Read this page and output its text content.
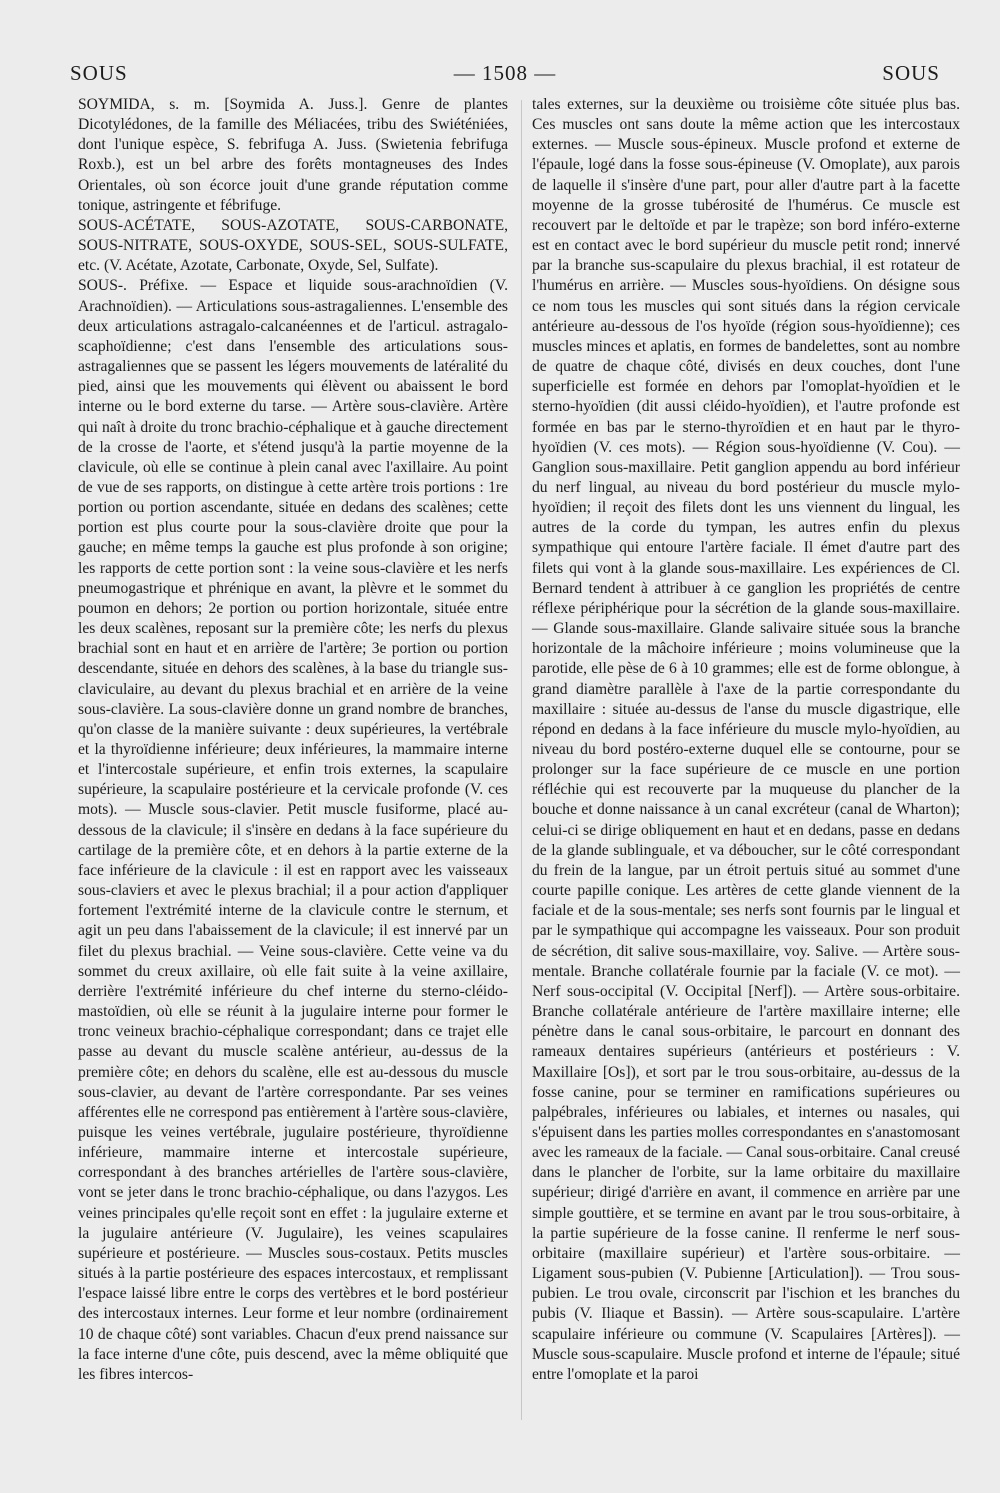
SOUS	— 1508 —	SOUS

SOYMIDA, s. m. [Soymida A. Juss.]. Genre de plantes Dicotylédones, de la famille des Méliacées, tribu des Swiéténiées, dont l'unique espèce, S. febrifuga A. Juss. (Swietenia febrifuga Roxb.), est un bel arbre des forêts montagneuses des Indes Orientales, où son écorce jouit d'une grande réputation comme tonique, astringente et fébrifuge.

SOUS-ACÉTATE, SOUS-AZOTATE, SOUS-CARBONATE, SOUS-NITRATE, SOUS-OXYDE, SOUS-SEL, SOUS-SULFATE, etc. (V. Acétate, Azotate, Carbonate, Oxyde, Sel, Sulfate).

SOUS-. Préfixe. — Espace et liquide sous-arachnoïdien (V. Arachnoïdien). — Articulations sous-astragaliennes. L'ensemble des deux articulations astragalo-calcanéennes et de l'articul. astragalo-scaphoïdienne; c'est dans l'ensemble des articulations sous-astragaliennes que se passent les légers mouvements de latéralité du pied, ainsi que les mouvements qui élèvent ou abaissent le bord interne ou le bord externe du tarse. — Artère sous-clavière. Artère qui naît à droite du tronc brachio-céphalique et à gauche directement de la crosse de l'aorte, et s'étend jusqu'à la partie moyenne de la clavicule, où elle se continue à plein canal avec l'axillaire. Au point de vue de ses rapports, on distingue à cette artère trois portions : 1re portion ou portion ascendante, située en dedans des scalènes; cette portion est plus courte pour la sous-clavière droite que pour la gauche; en même temps la gauche est plus profonde à son origine; les rapports de cette portion sont : la veine sous-clavière et les nerfs pneumogastrique et phrénique en avant, la plèvre et le sommet du poumon en dehors; 2e portion ou portion horizontale, située entre les deux scalènes, reposant sur la première côte; les nerfs du plexus brachial sont en haut et en arrière de l'artère; 3e portion ou portion descendante, située en dehors des scalènes, à la base du triangle sus-claviculaire, au devant du plexus brachial et en arrière de la veine sous-clavière. La sous-clavière donne un grand nombre de branches, qu'on classe de la manière suivante : deux supérieures, la vertébrale et la thyroïdienne inférieure; deux inférieures, la mammaire interne et l'intercostale supérieure, et enfin trois externes, la scapulaire supérieure, la scapulaire postérieure et la cervicale profonde (V. ces mots). — Muscle sous-clavier. Petit muscle fusiforme, placé au-dessous de la clavicule; il s'insère en dedans à la face supérieure du cartilage de la première côte, et en dehors à la partie externe de la face inférieure de la clavicule : il est en rapport avec les vaisseaux sous-claviers et avec le plexus brachial; il a pour action d'appliquer fortement l'extrémité interne de la clavicule contre le sternum, et agit un peu dans l'abaissement de la clavicule; il est innervé par un filet du plexus brachial. — Veine sous-clavière. Cette veine va du sommet du creux axillaire, où elle fait suite à la veine axillaire, derrière l'extrémité inférieure du chef interne du sterno-cléido-mastoïdien, où elle se réunit à la jugulaire interne pour former le tronc veineux brachio-céphalique correspondant; dans ce trajet elle passe au devant du muscle scalène antérieur, au-dessus de la première côte; en dehors du scalène, elle est au-dessous du muscle sous-clavier, au devant de l'artère correspondante. Par ses veines afférentes elle ne correspond pas entièrement à l'artère sous-clavière, puisque les veines vertébrale, jugulaire postérieure, thyroïdienne inférieure, mammaire interne et intercostale supérieure, correspondant à des branches artérielles de l'artère sous-clavière, vont se jeter dans le tronc brachio-céphalique, ou dans l'azygos. Les veines principales qu'elle reçoit sont en effet : la jugulaire externe et la jugulaire antérieure (V. Jugulaire), les veines scapulaires supérieure et postérieure. — Muscles sous-costaux. Petits muscles situés à la partie postérieure des espaces intercostaux, et remplissant l'espace laissé libre entre le corps des vertèbres et le bord postérieur des intercostaux internes. Leur forme et leur nombre (ordinairement 10 de chaque côté) sont variables. Chacun d'eux prend naissance sur la face interne d'une côte, puis descend, avec la même obliquité que les fibres intercos-

tales externes, sur la deuxième ou troisième côte située plus bas. Ces muscles ont sans doute la même action que les intercostaux externes. — Muscle sous-épineux. Muscle profond et externe de l'épaule, logé dans la fosse sous-épineuse (V. Omoplate), aux parois de laquelle il s'insère d'une part, pour aller d'autre part à la facette moyenne de la grosse tubérosité de l'humérus. Ce muscle est recouvert par le deltoïde et par le trapèze; son bord inféro-externe est en contact avec le bord supérieur du muscle petit rond; innervé par la branche sus-scapulaire du plexus brachial, il est rotateur de l'humérus en arrière. — Muscles sous-hyoïdiens. On désigne sous ce nom tous les muscles qui sont situés dans la région cervicale antérieure au-dessous de l'os hyoïde (région sous-hyoïdienne); ces muscles minces et aplatis, en formes de bandelettes, sont au nombre de quatre de chaque côté, divisés en deux couches, dont l'une superficielle est formée en dehors par l'omoplat-hyoïdien et le sterno-hyoïdien (dit aussi cléido-hyoïdien), et l'autre profonde est formée en bas par le sterno-thyroïdien et en haut par le thyro-hyoïdien (V. ces mots). — Région sous-hyoïdienne (V. Cou). — Ganglion sous-maxillaire. Petit ganglion appendu au bord inférieur du nerf lingual, au niveau du bord postérieur du muscle mylo-hyoïdien; il reçoit des filets dont les uns viennent du lingual, les autres de la corde du tympan, les autres enfin du plexus sympathique qui entoure l'artère faciale. Il émet d'autre part des filets qui vont à la glande sous-maxillaire. Les expériences de Cl. Bernard tendent à attribuer à ce ganglion les propriétés de centre réflexe périphérique pour la sécrétion de la glande sous-maxillaire. — Glande sous-maxillaire. Glande salivaire située sous la branche horizontale de la mâchoire inférieure ; moins volumineuse que la parotide, elle pèse de 6 à 10 grammes; elle est de forme oblongue, à grand diamètre parallèle à l'axe de la partie correspondante du maxillaire : située au-dessus de l'anse du muscle digastrique, elle répond en dedans à la face inférieure du muscle mylo-hyoïdien, au niveau du bord postéro-externe duquel elle se contourne, pour se prolonger sur la face supérieure de ce muscle en une portion réfléchie qui est recouverte par la muqueuse du plancher de la bouche et donne naissance à un canal excréteur (canal de Wharton); celui-ci se dirige obliquement en haut et en dedans, passe en dedans de la glande sublinguale, et va déboucher, sur le côté correspondant du frein de la langue, par un étroit pertuis situé au sommet d'une courte papille conique. Les artères de cette glande viennent de la faciale et de la sous-mentale; ses nerfs sont fournis par le lingual et par le sympathique qui accompagne les vaisseaux. Pour son produit de sécrétion, dit salive sous-maxillaire, voy. Salive. — Artère sous-mentale. Branche collatérale fournie par la faciale (V. ce mot). — Nerf sous-occipital (V. Occipital [Nerf]). — Artère sous-orbitaire. Branche collatérale antérieure de l'artère maxillaire interne; elle pénètre dans le canal sous-orbitaire, le parcourt en donnant des rameaux dentaires supérieurs (antérieurs et postérieurs : V. Maxillaire [Os]), et sort par le trou sous-orbitaire, au-dessus de la fosse canine, pour se terminer en ramifications supérieures ou palpébrales, inférieures ou labiales, et internes ou nasales, qui s'épuisent dans les parties molles correspondantes en s'anastomosant avec les rameaux de la faciale. — Canal sous-orbitaire. Canal creusé dans le plancher de l'orbite, sur la lame orbitaire du maxillaire supérieur; dirigé d'arrière en avant, il commence en arrière par une simple gouttière, et se termine en avant par le trou sous-orbitaire, à la partie supérieure de la fosse canine. Il renferme le nerf sous-orbitaire (maxillaire supérieur) et l'artère sous-orbitaire. — Ligament sous-pubien (V. Pubienne [Articulation]). — Trou sous-pubien. Le trou ovale, circonscrit par l'ischion et les branches du pubis (V. Iliaque et Bassin). — Artère sous-scapulaire. L'artère scapulaire inférieure ou commune (V. Scapulaires [Artères]). — Muscle sous-scapulaire. Muscle profond et interne de l'épaule; situé entre l'omoplate et la paroi
